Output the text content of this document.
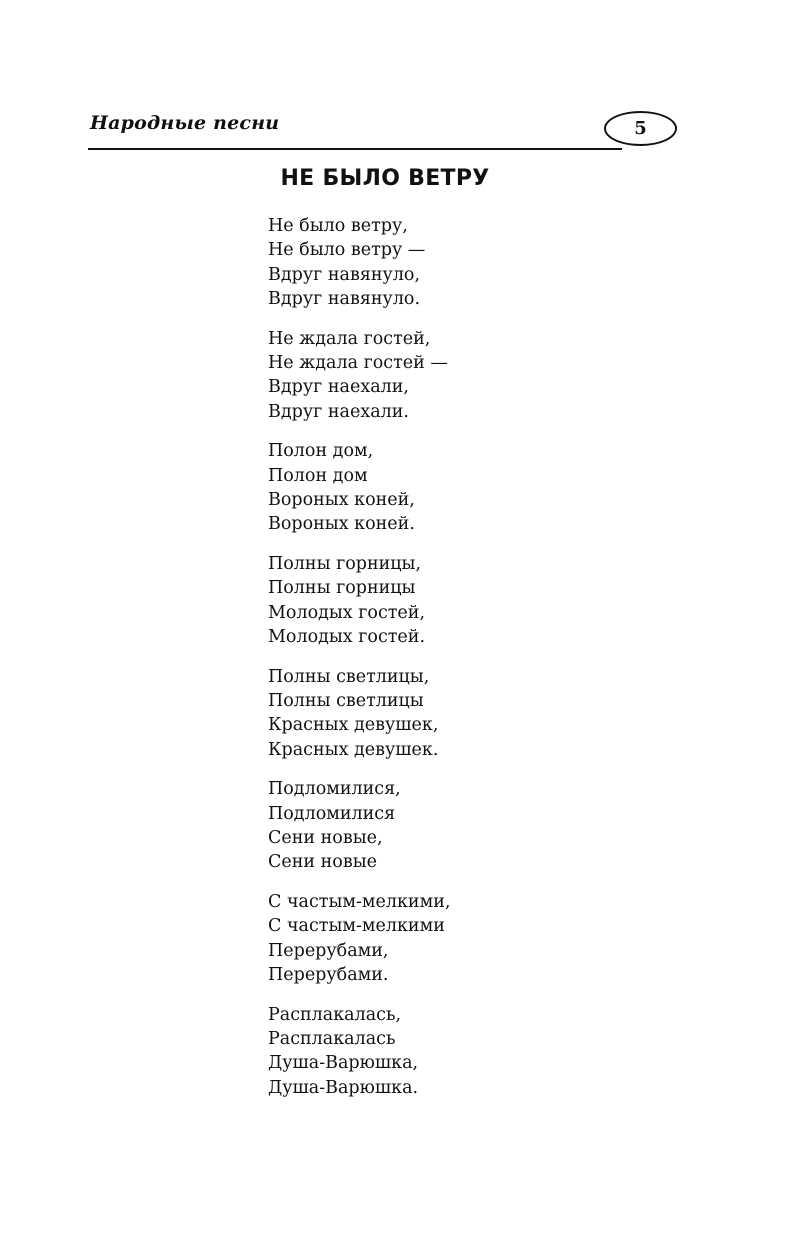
Народные песни	5
НЕ БЫЛО ВЕТРУ
Не было ветру,
Не было ветру —
Вдруг навянуло,
Вдруг навянуло.
Не ждала гостей,
Не ждала гостей —
Вдруг наехали,
Вдруг наехали.
Полон дом,
Полон дом
Вороных коней,
Вороных коней.
Полны горницы,
Полны горницы
Молодых гостей,
Молодых гостей.
Полны светлицы,
Полны светлицы
Красных девушек,
Красных девушек.
Подломилися,
Подломилися
Сени новые,
Сени новые
С частым-мелкими,
С частым-мелкими
Перерубами,
Перерубами.
Расплакалась,
Расплакалась
Душа-Варюшка,
Душа-Варюшка.
